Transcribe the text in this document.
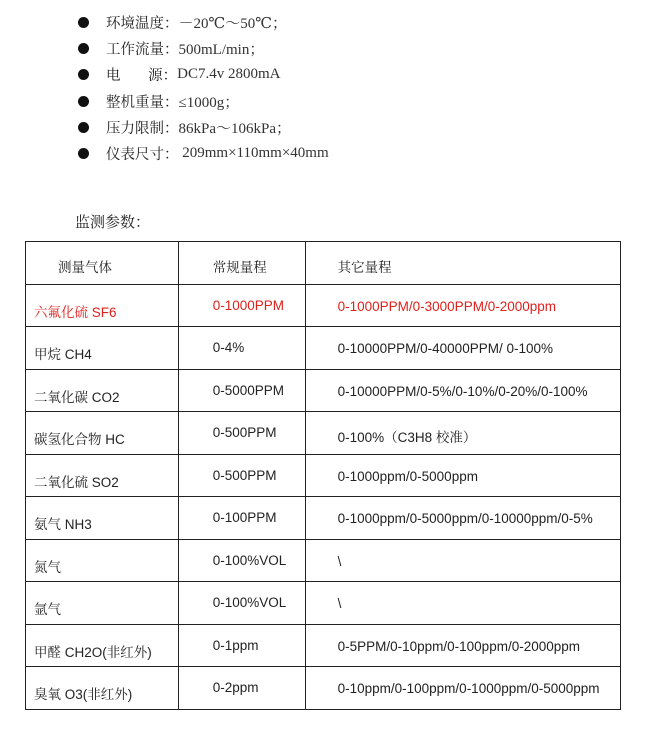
环境温度： －20℃～50℃；
工作流量： 500mL/min；
电      源： DC7.4v 2800mA
整机重量： ≤1000g；
压力限制： 86kPa～106kPa；
仪表尺寸： 209mm×110mm×40mm
监测参数：
测量气体	常规量程	其它量程
六氟化硫 SF6	0-1000PPM	0-1000PPM/0-3000PPM/0-2000ppm
甲烷 CH4	0-4%	0-10000PPM/0-40000PPM/ 0-100%
二氧化碳 CO2	0-5000PPM	0-10000PPM/0-5%/0-10%/0-20%/0-100%
碳氢化合物 HC	0-500PPM	0-100%（C3H8 校准）
二氧化硫 SO2	0-500PPM	0-1000ppm/0-5000ppm
氨气 NH3	0-100PPM	0-1000ppm/0-5000ppm/0-10000ppm/0-5%
氮气	0-100%VOL	\
氩气	0-100%VOL	\
甲醛 CH2O(非红外)	0-1ppm	0-5PPM/0-10ppm/0-100ppm/0-2000ppm
臭氧 O3(非红外)	0-2ppm	0-10ppm/0-100ppm/0-1000ppm/0-5000ppm
